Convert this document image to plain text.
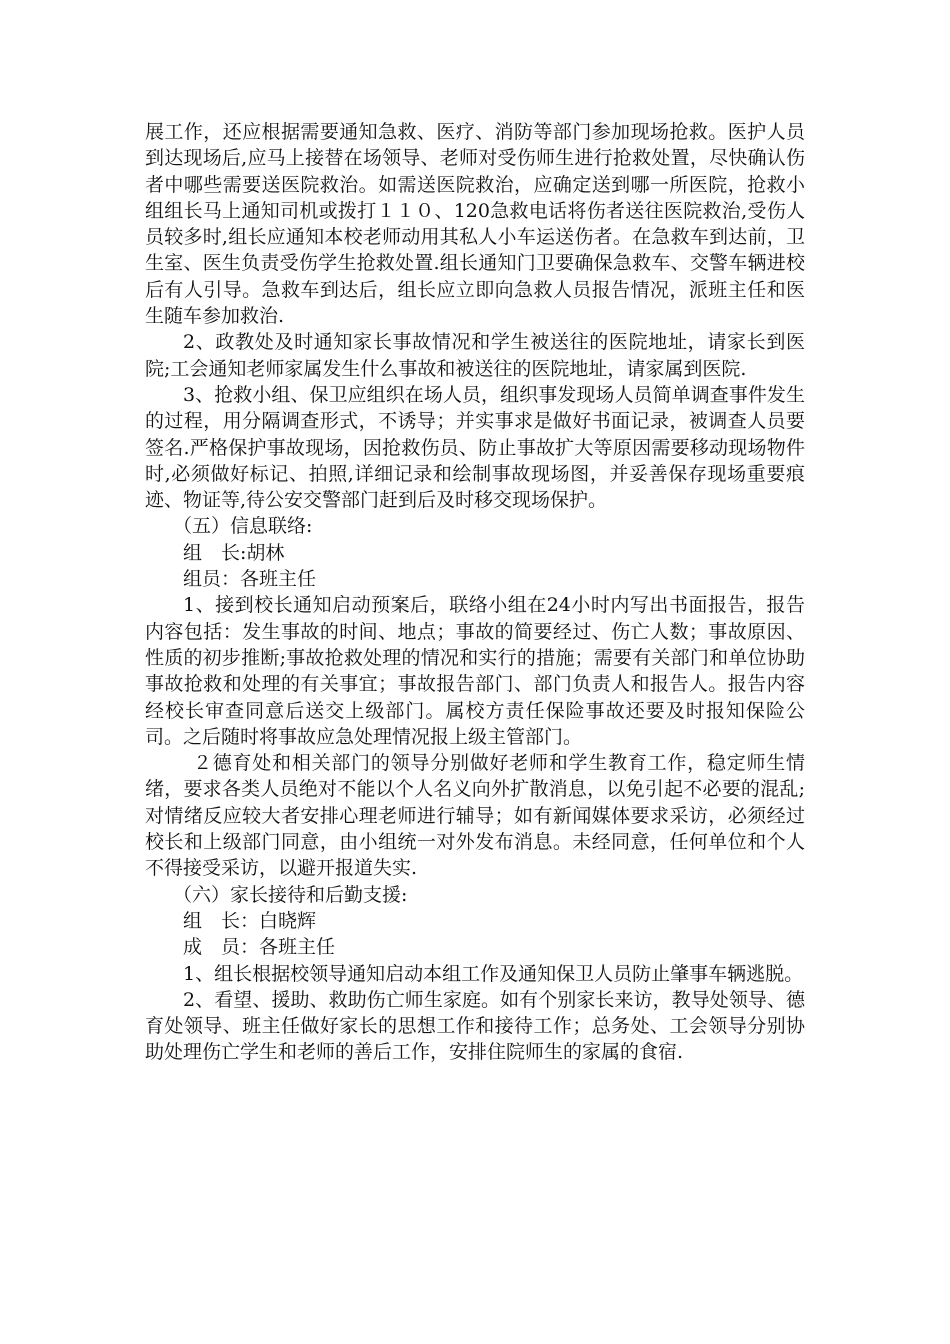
展工作，还应根据需要通知急救、医疗、消防等部门参加现场抢救。医护人员到达现场后,应马上接替在场领导、老师对受伤师生进行抢救处置，尽快确认伤者中哪些需要送医院救治。如需送医院救治，应确定送到哪一所医院，抢救小组组长马上通知司机或拨打１１０、120急救电话将伤者送往医院救治,受伤人员较多时,组长应通知本校老师动用其私人小车运送伤者。在急救车到达前，卫生室、医生负责受伤学生抢救处置.组长通知门卫要确保急救车、交警车辆进校后有人引导。急救车到达后，组长应立即向急救人员报告情况，派班主任和医生随车参加救治.

2、政教处及时通知家长事故情况和学生被送往的医院地址，请家长到医院;工会通知老师家属发生什么事故和被送往的医院地址，请家属到医院.

3、抢救小组、保卫应组织在场人员，组织事发现场人员简单调查事件发生的过程，用分隔调查形式，不诱导；并实事求是做好书面记录，被调查人员要签名.严格保护事故现场，因抢救伤员、防止事故扩大等原因需要移动现场物件时,必须做好标记、拍照,详细记录和绘制事故现场图，并妥善保存现场重要痕迹、物证等,待公安交警部门赶到后及时移交现场保护。

（五）信息联络:

组　长:胡林

组员：各班主任

1、接到校长通知启动预案后，联络小组在24小时内写出书面报告，报告内容包括：发生事故的时间、地点；事故的简要经过、伤亡人数；事故原因、性质的初步推断;事故抢救处理的情况和实行的措施；需要有关部门和单位协助事故抢救和处理的有关事宜；事故报告部门、部门负责人和报告人。报告内容经校长审查同意后送交上级部门。属校方责任保险事故还要及时报知保险公司。之后随时将事故应急处理情况报上级主管部门。

２德育处和相关部门的领导分别做好老师和学生教育工作，稳定师生情绪，要求各类人员绝对不能以个人名义向外扩散消息，以免引起不必要的混乱;对情绪反应较大者安排心理老师进行辅导；如有新闻媒体要求采访，必须经过校长和上级部门同意，由小组统一对外发布消息。未经同意，任何单位和个人不得接受采访，以避开报道失实.

（六）家长接待和后勤支援:

组　长：白晓辉

成　员：各班主任

1、组长根据校领导通知启动本组工作及通知保卫人员防止肇事车辆逃脱。

2、看望、援助、救助伤亡师生家庭。如有个别家长来访，教导处领导、德育处领导、班主任做好家长的思想工作和接待工作；总务处、工会领导分别协助处理伤亡学生和老师的善后工作，安排住院师生的家属的食宿.
